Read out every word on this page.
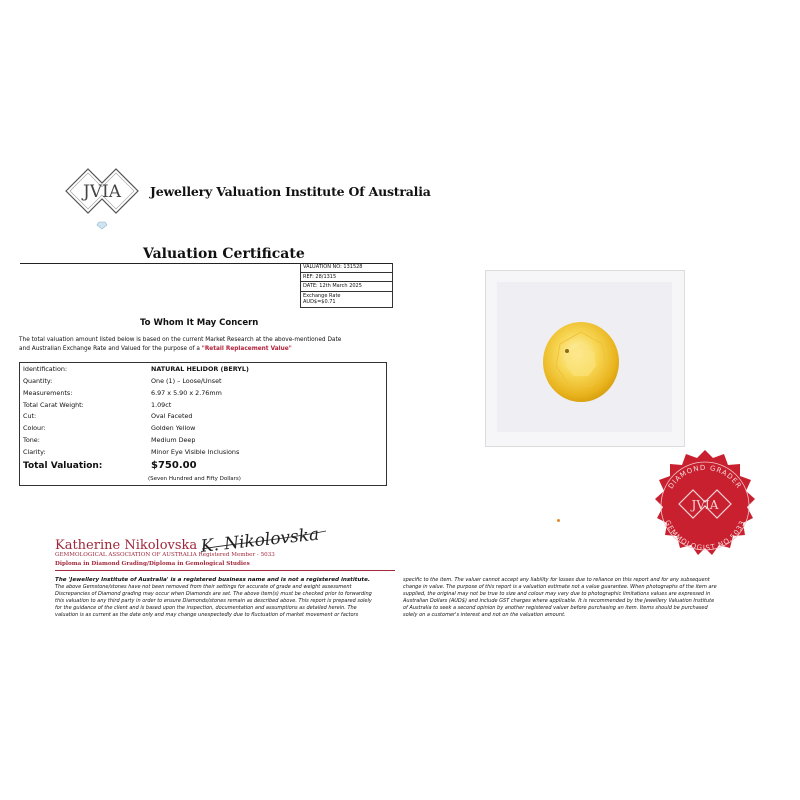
JVIA Jewellery Valuation Institute Of Australia
Valuation Certificate
VALUATION NO: 131528
REF: 28/1315
DATE: 12th March 2025
Exchange Rate
AUD$=$0.71
To Whom It May Concern
The total valuation amount listed below is based on the current Market Research at the above-mentioned Date
and Australian Exchange Rate and Valued for the purpose of a "Retail Replacement Value"
Identification:	NATURAL HELIDOR (BERYL)
Quantity:	One (1) – Loose/Unset
Measurements:	6.97 x 5.90 x 2.76mm
Total Carat Weight:	1.09ct
Cut:	Oval Faceted
Colour:	Golden Yellow
Tone:	Medium Deep
Clarity:	Minor Eye Visible Inclusions
Total Valuation:	$750.00
(Seven Hundred and Fifty Dollars)
DIAMOND GRADER
GEMMOLOGIST NO.5033
JVIA
Katherine Nikolovska K. Nikolovska
GEMMOLOGICAL ASSOCIATION OF AUSTRALIA Registered Member - 5033
Diploma in Diamond Grading/Diploma in Gemological Studies
The 'Jewellery Institute of Australia' is a registered business name and is not a registered institute.
The above Gemstone/stones have not been removed from their settings for accurate of grade and weight assessment
Discrepancies of Diamond grading may occur when Diamonds are set. The above item(s) must be checked prior to forwarding
this valuation to any third party in order to ensure Diamonds/stones remain as described above. This report is prepared solely
for the guidance of the client and is based upon the inspection, documentation and assumptions as detailed herein. The
valuation is as current as the date only and may change unexpectedly due to fluctuation of market movement or factors
specific to the item. The valuer cannot accept any liability for losses due to reliance on this report and for any subsequent
change in value. The purpose of this report is a valuation estimate not a value guarantee. When photographs of the item are
supplied, the original may not be true to size and colour may vary due to photographic limitations values are expressed in
Australian Dollars (AUD$) and include GST charges where applicable. It is recommended by the Jewellery Valuation Institute
of Australia to seek a second opinion by another registered valuer before purchasing an item. Items should be purchased
solely on a customer's interest and not on the valuation amount.
